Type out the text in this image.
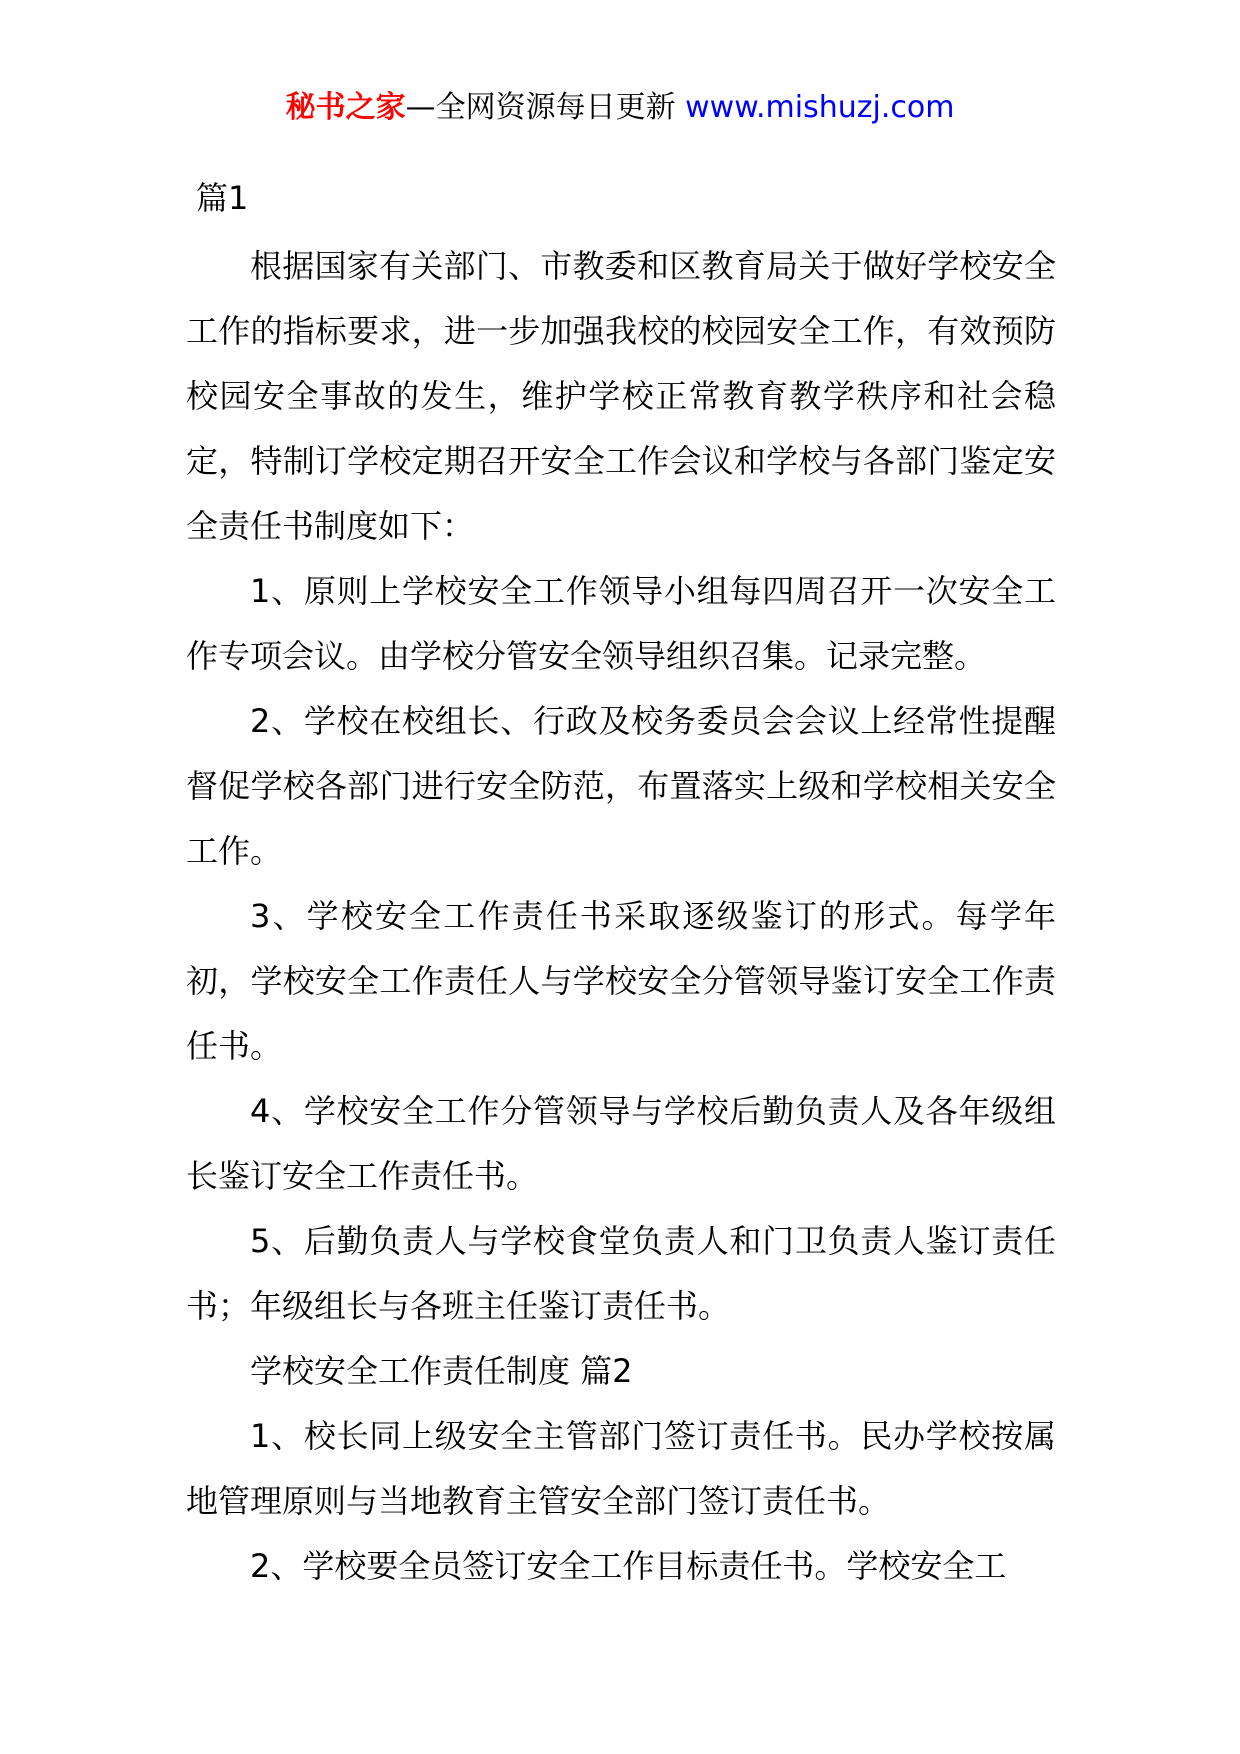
秘书之家—全网资源每日更新 www.mishuzj.com
篇1

根据国家有关部门、市教委和区教育局关于做好学校安全工作的指标要求，进一步加强我校的校园安全工作，有效预防校园安全事故的发生，维护学校正常教育教学秩序和社会稳定，特制订学校定期召开安全工作会议和学校与各部门鉴定安全责任书制度如下：

1、原则上学校安全工作领导小组每四周召开一次安全工作专项会议。由学校分管安全领导组织召集。记录完整。

2、学校在校组长、行政及校务委员会会议上经常性提醒督促学校各部门进行安全防范，布置落实上级和学校相关安全工作。

3、学校安全工作责任书采取逐级鉴订的形式。每学年初，学校安全工作责任人与学校安全分管领导鉴订安全工作责任书。

4、学校安全工作分管领导与学校后勤负责人及各年级组长鉴订安全工作责任书。

5、后勤负责人与学校食堂负责人和门卫负责人鉴订责任书；年级组长与各班主任鉴订责任书。

学校安全工作责任制度 篇2

1、校长同上级安全主管部门签订责任书。民办学校按属地管理原则与当地教育主管安全部门签订责任书。

2、学校要全员签订安全工作目标责任书。学校安全工
